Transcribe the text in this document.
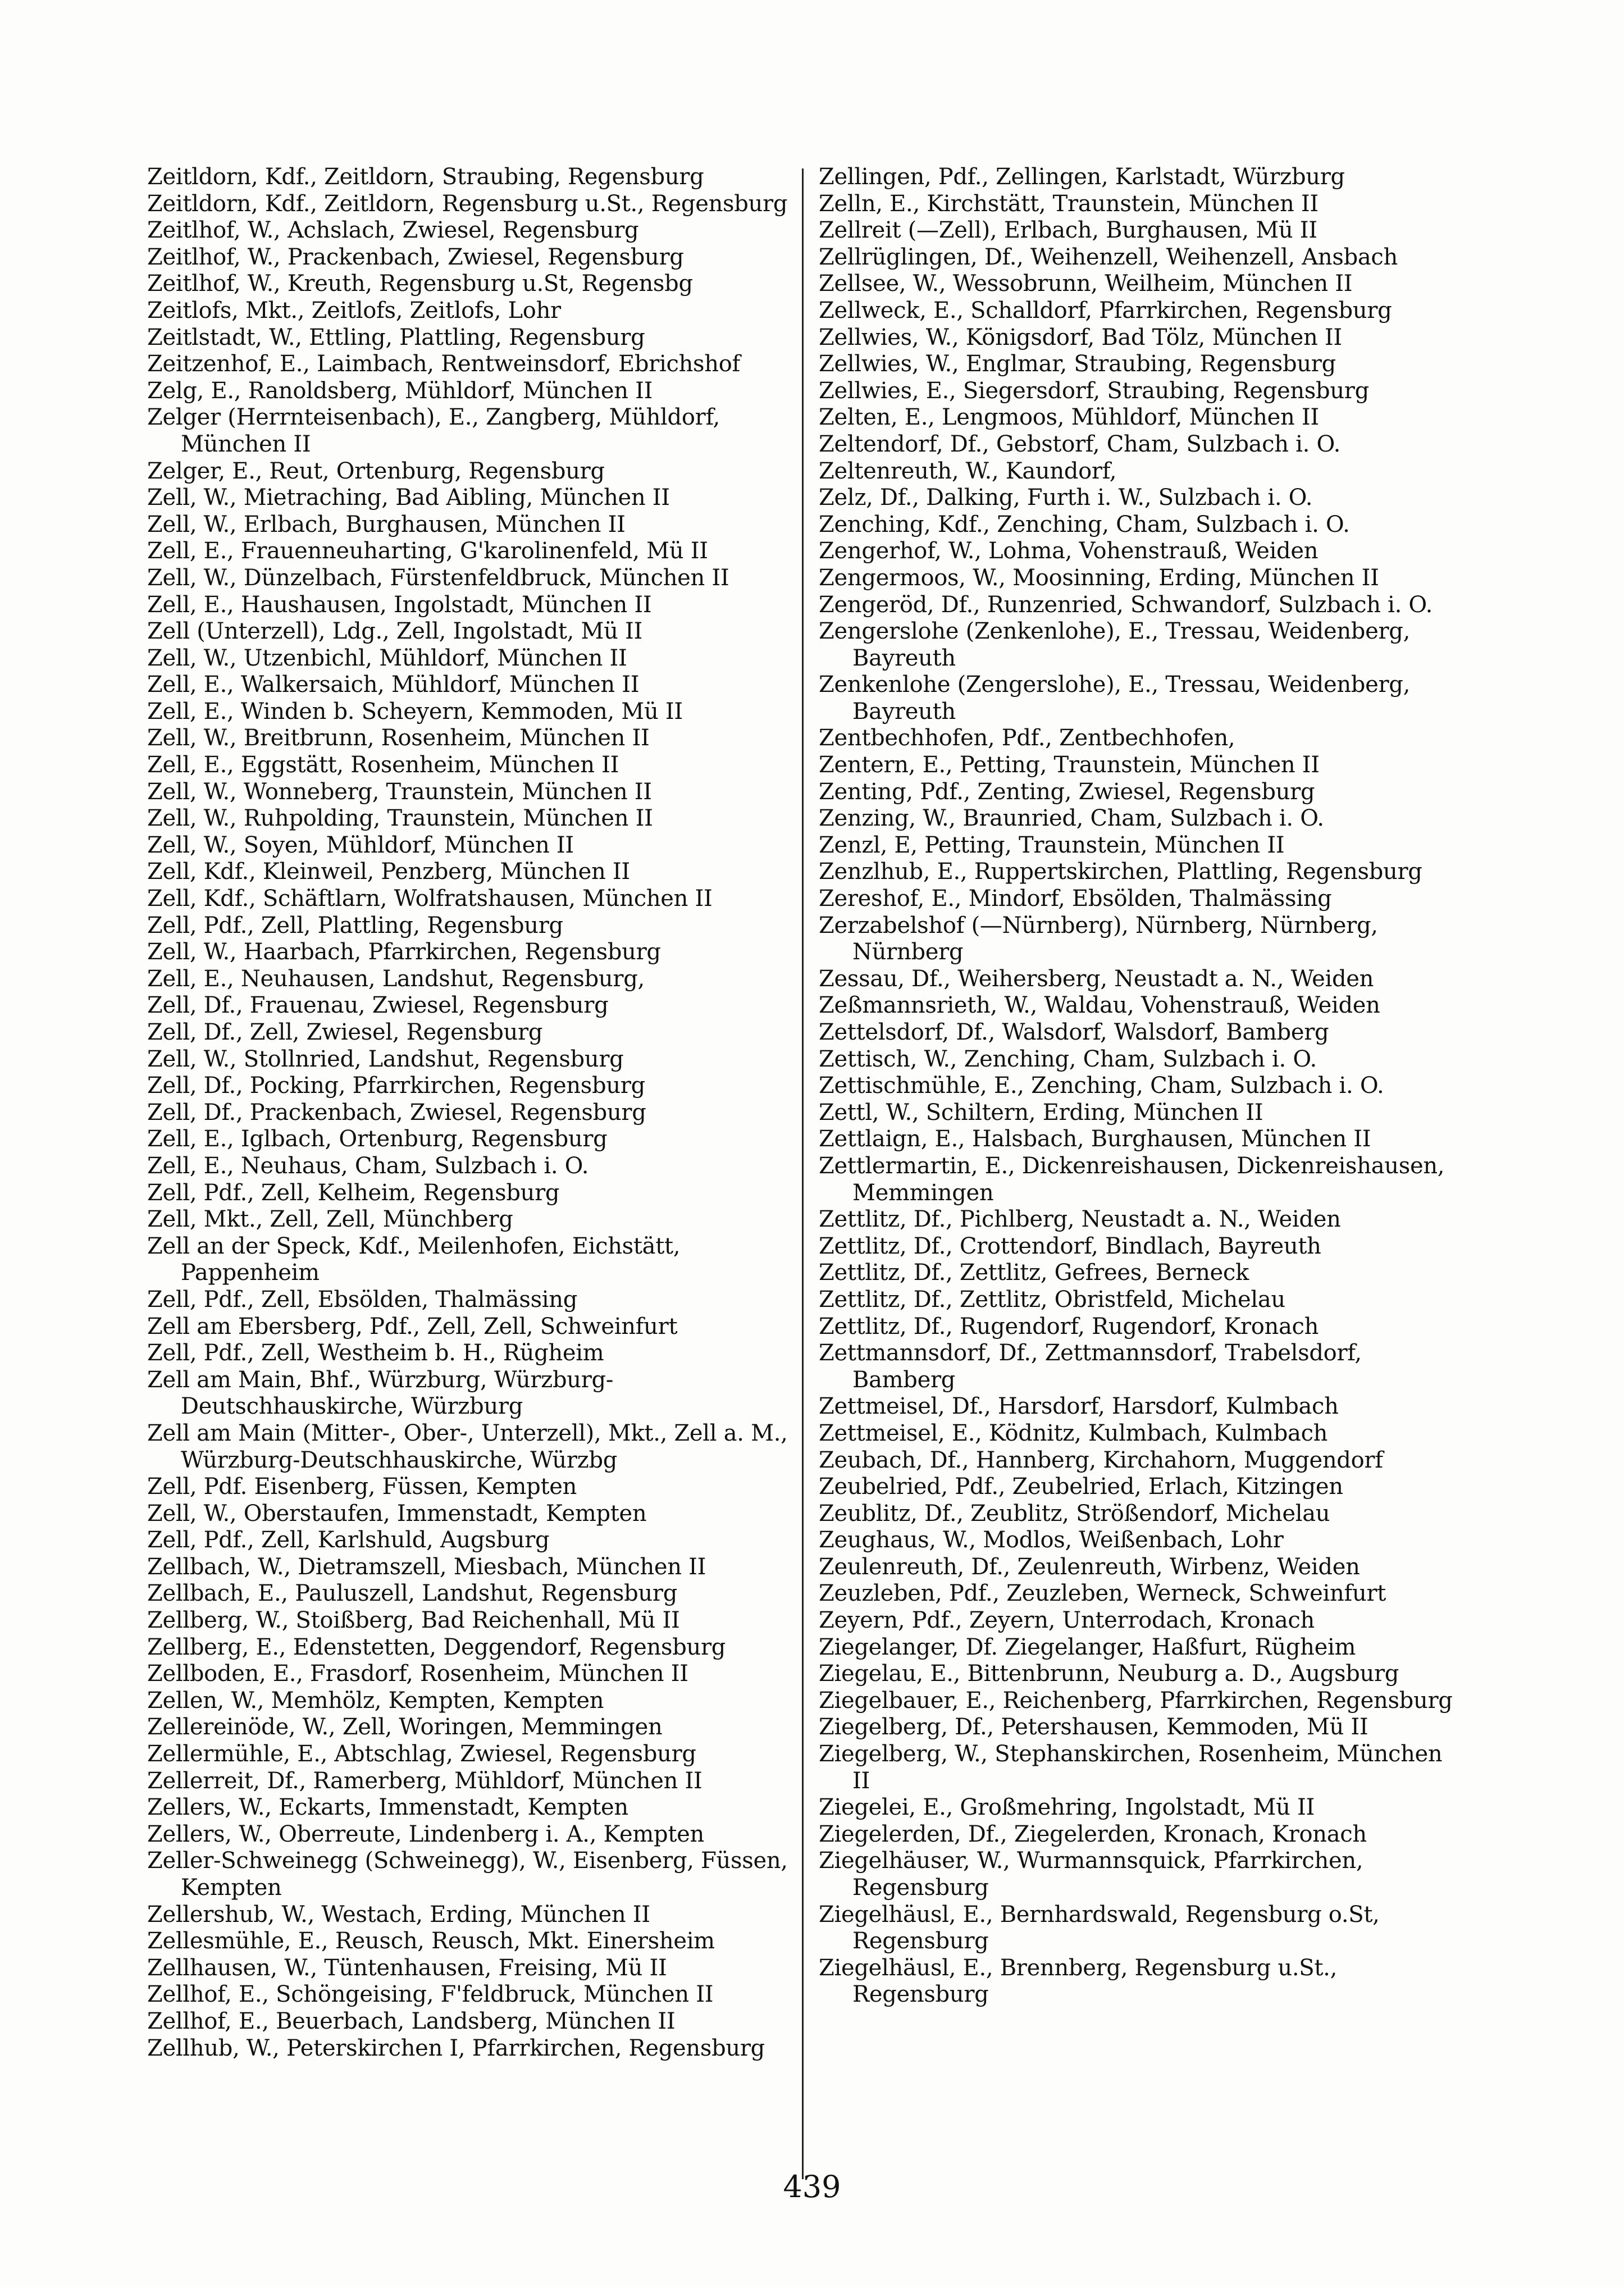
Zeitldorn, Kdf., Zeitldorn, Straubing, Regensburg
Zeitldorn, Kdf., Zeitldorn, Regensburg u.St., Regensburg
Zeitlhof, W., Achslach, Zwiesel, Regensburg
Zeitlhof, W., Prackenbach, Zwiesel, Regensburg
Zeitlhof, W., Kreuth, Regensburg u.St, Regensbg
Zeitlofs, Mkt., Zeitlofs, Zeitlofs, Lohr
Zeitlstadt, W., Ettling, Plattling, Regensburg
Zeitzenhof, E., Laimbach, Rentweinsdorf, Ebrichshof
Zelg, E., Ranoldsberg, Mühldorf, München II
Zelger (Herrnteisenbach), E., Zangberg, Mühldorf, München II
Zelger, E., Reut, Ortenburg, Regensburg
Zell, W., Mietraching, Bad Aibling, München II
Zell, W., Erlbach, Burghausen, München II
Zell, E., Frauenneuharting, G'karolinenfeld, Mü II
Zell, W., Dünzelbach, Fürstenfeldbruck, München II
Zell, E., Haushausen, Ingolstadt, München II
Zell (Unterzell), Ldg., Zell, Ingolstadt, Mü II
Zell, W., Utzenbichl, Mühldorf, München II
Zell, E., Walkersaich, Mühldorf, München II
Zell, E., Winden b. Scheyern, Kemmoden, Mü II
Zell, W., Breitbrunn, Rosenheim, München II
Zell, E., Eggstätt, Rosenheim, München II
Zell, W., Wonneberg, Traunstein, München II
Zell, W., Ruhpolding, Traunstein, München II
Zell, W., Soyen, Mühldorf, München II
Zell, Kdf., Kleinweil, Penzberg, München II
Zell, Kdf., Schäftlarn, Wolfratshausen, München II
Zell, Pdf., Zell, Plattling, Regensburg
Zell, W., Haarbach, Pfarrkirchen, Regensburg
Zell, E., Neuhausen, Landshut, Regensburg,
Zell, Df., Frauenau, Zwiesel, Regensburg
Zell, Df., Zell, Zwiesel, Regensburg
Zell, W., Stollnried, Landshut, Regensburg
Zell, Df., Pocking, Pfarrkirchen, Regensburg
Zell, Df., Prackenbach, Zwiesel, Regensburg
Zell, E., Iglbach, Ortenburg, Regensburg
Zell, E., Neuhaus, Cham, Sulzbach i. O.
Zell, Pdf., Zell, Kelheim, Regensburg
Zell, Mkt., Zell, Zell, Münchberg
Zell an der Speck, Kdf., Meilenhofen, Eichstätt, Pappenheim
Zell, Pdf., Zell, Ebsölden, Thalmässing
Zell am Ebersberg, Pdf., Zell, Zell, Schweinfurt
Zell, Pdf., Zell, Westheim b. H., Rügheim
Zell am Main, Bhf., Würzburg, Würzburg-Deutschhauskirche, Würzburg
Zell am Main (Mitter-, Ober-, Unterzell), Mkt., Zell a. M., Würzburg-Deutschhauskirche, Würzbg
Zell, Pdf. Eisenberg, Füssen, Kempten
Zell, W., Oberstaufen, Immenstadt, Kempten
Zell, Pdf., Zell, Karlshuld, Augsburg
Zellbach, W., Dietramszell, Miesbach, München II
Zellbach, E., Pauluszell, Landshut, Regensburg
Zellberg, W., Stoißberg, Bad Reichenhall, Mü II
Zellberg, E., Edenstetten, Deggendorf, Regensburg
Zellboden, E., Frasdorf, Rosenheim, München II
Zellen, W., Memhölz, Kempten, Kempten
Zellereinöde, W., Zell, Woringen, Memmingen
Zellermühle, E., Abtschlag, Zwiesel, Regensburg
Zellerreit, Df., Ramerberg, Mühldorf, München II
Zellers, W., Eckarts, Immenstadt, Kempten
Zellers, W., Oberreute, Lindenberg i. A., Kempten
Zeller-Schweinegg (Schweinegg), W., Eisenberg, Füssen, Kempten
Zellershub, W., Westach, Erding, München II
Zellesmühle, E., Reusch, Reusch, Mkt. Einersheim
Zellhausen, W., Tüntenhausen, Freising, Mü II
Zellhof, E., Schöngeising, F'feldbruck, München II
Zellhof, E., Beuerbach, Landsberg, München II
Zellhub, W., Peterskirchen I, Pfarrkirchen, Regensburg
Zellingen, Pdf., Zellingen, Karlstadt, Würzburg
Zelln, E., Kirchstätt, Traunstein, München II
Zellreit (—Zell), Erlbach, Burghausen, Mü II
Zellrüglingen, Df., Weihenzell, Weihenzell, Ansbach
Zellsee, W., Wessobrunn, Weilheim, München II
Zellweck, E., Schalldorf, Pfarrkirchen, Regensburg
Zellwies, W., Königsdorf, Bad Tölz, München II
Zellwies, W., Englmar, Straubing, Regensburg
Zellwies, E., Siegersdorf, Straubing, Regensburg
Zelten, E., Lengmoos, Mühldorf, München II
Zeltendorf, Df., Gebstorf, Cham, Sulzbach i. O.
Zeltenreuth, W., Kaundorf,
Zelz, Df., Dalking, Furth i. W., Sulzbach i. O.
Zenching, Kdf., Zenching, Cham, Sulzbach i. O.
Zengerhof, W., Lohma, Vohenstrauß, Weiden
Zengermoos, W., Moosinning, Erding, München II
Zengeröd, Df., Runzenried, Schwandorf, Sulzbach i. O.
Zengerslohe (Zenkenlohe), E., Tressau, Weidenberg, Bayreuth
Zenkenlohe (Zengerslohe), E., Tressau, Weidenberg, Bayreuth
Zentbechhofen, Pdf., Zentbechhofen,
Zentern, E., Petting, Traunstein, München II
Zenting, Pdf., Zenting, Zwiesel, Regensburg
Zenzing, W., Braunried, Cham, Sulzbach i. O.
Zenzl, E, Petting, Traunstein, München II
Zenzlhub, E., Ruppertskirchen, Plattling, Regensburg
Zereshof, E., Mindorf, Ebsölden, Thalmässing
Zerzabelshof (—Nürnberg), Nürnberg, Nürnberg, Nürnberg
Zessau, Df., Weihersberg, Neustadt a. N., Weiden
Zeßmannsrieth, W., Waldau, Vohenstrauß, Weiden
Zettelsdorf, Df., Walsdorf, Walsdorf, Bamberg
Zettisch, W., Zenching, Cham, Sulzbach i. O.
Zettischmühle, E., Zenching, Cham, Sulzbach i. O.
Zettl, W., Schiltern, Erding, München II
Zettlaign, E., Halsbach, Burghausen, München II
Zettlermartin, E., Dickenreishausen, Dickenreishausen, Memmingen
Zettlitz, Df., Pichlberg, Neustadt a. N., Weiden
Zettlitz, Df., Crottendorf, Bindlach, Bayreuth
Zettlitz, Df., Zettlitz, Gefrees, Berneck
Zettlitz, Df., Zettlitz, Obristfeld, Michelau
Zettlitz, Df., Rugendorf, Rugendorf, Kronach
Zettmannsdorf, Df., Zettmannsdorf, Trabelsdorf, Bamberg
Zettmeisel, Df., Harsdorf, Harsdorf, Kulmbach
Zettmeisel, E., Ködnitz, Kulmbach, Kulmbach
Zeubach, Df., Hannberg, Kirchahorn, Muggendorf
Zeubelried, Pdf., Zeubelried, Erlach, Kitzingen
Zeublitz, Df., Zeublitz, Strößendorf, Michelau
Zeughaus, W., Modlos, Weißenbach, Lohr
Zeulenreuth, Df., Zeulenreuth, Wirbenz, Weiden
Zeuzleben, Pdf., Zeuzleben, Werneck, Schweinfurt
Zeyern, Pdf., Zeyern, Unterrodach, Kronach
Ziegelanger, Df. Ziegelanger, Haßfurt, Rügheim
Ziegelau, E., Bittenbrunn, Neuburg a. D., Augsburg
Ziegelbauer, E., Reichenberg, Pfarrkirchen, Regensburg
Ziegelberg, Df., Petershausen, Kemmoden, Mü II
Ziegelberg, W., Stephanskirchen, Rosenheim, München II
Ziegelei, E., Großmehring, Ingolstadt, Mü II
Ziegelerden, Df., Ziegelerden, Kronach, Kronach
Ziegelhäuser, W., Wurmannsquick, Pfarrkirchen, Regensburg
Ziegelhäusl, E., Bernhardswald, Regensburg o.St, Regensburg
Ziegelhäusl, E., Brennberg, Regensburg u.St., Regensburg
439
